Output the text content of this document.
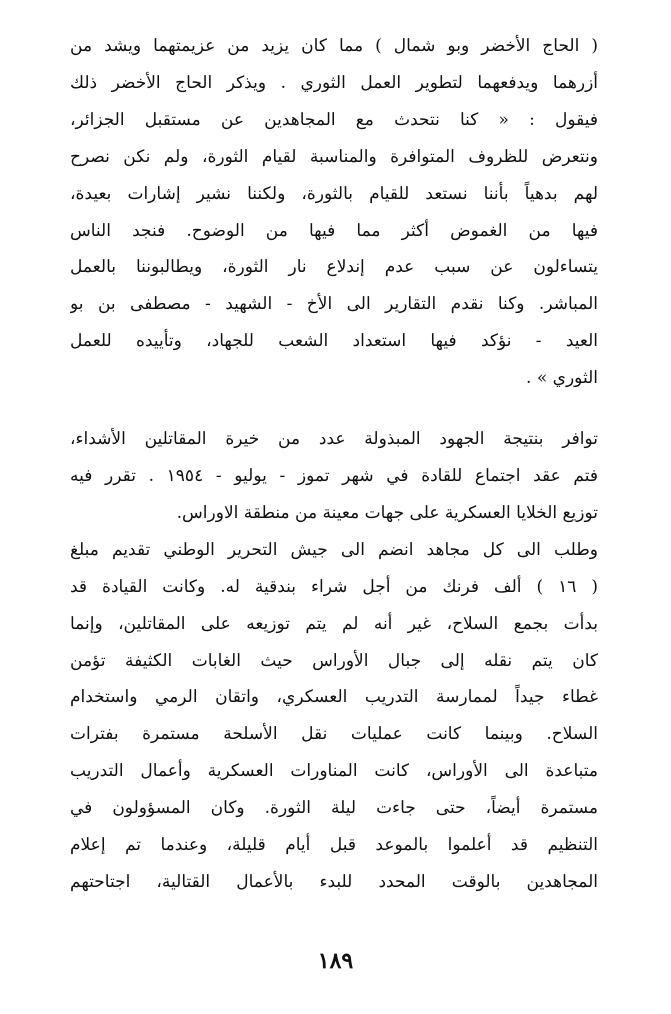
( الحاج الأخضر وبو شمال ) مما كان يزيد من عزيمتهما ويشد من
أزرهما ويدفعهما لتطوير العمل الثوري . ويذكر الحاج الأخضر ذلك
فيقول : « كنا نتحدث مع المجاهدين عن مستقبل الجزائر،
ونتعرض للظروف المتوافرة والمناسبة لقيام الثورة، ولم نكن نصرح
لهم بدهياً بأننا نستعد للقيام بالثورة، ولكننا نشير إشارات بعيدة،
فيها من الغموض أكثر مما فيها من الوضوح. فنجد الناس
يتساءلون عن سبب عدم إندلاع نار الثورة، ويطالبوننا بالعمل
المباشر. وكنا نقدم التقارير الى الأخ - الشهيد - مصطفى بن بو
العيد - نؤكد فيها استعداد الشعب للجهاد، وتأييده للعمل
الثوري » .

توافر بنتيجة الجهود المبذولة عدد من خيرة المقاتلين الأشداء،
فتم عقد اجتماع للقادة في شهر تموز - يوليو - ١٩٥٤ . تقرر فيه
توزيع الخلايا العسكرية على جهات معينة من منطقة الاوراس.
وطلب الى كل مجاهد انضم الى جيش التحرير الوطني تقديم مبلغ
( ١٦ ) ألف فرنك من أجل شراء بندقية له. وكانت القيادة قد
بدأت بجمع السلاح، غير أنه لم يتم توزيعه على المقاتلين، وإنما
كان يتم نقله إلى جبال الأوراس حيث الغابات الكثيفة تؤمن
غطاء جيداً لممارسة التدريب العسكري، واتقان الرمي واستخدام
السلاح. وبينما كانت عمليات نقل الأسلحة مستمرة بفترات
متباعدة الى الأوراس، كانت المناورات العسكرية وأعمال التدريب
مستمرة أيضاً، حتى جاءت ليلة الثورة. وكان المسؤولون في
التنظيم قد أعلموا بالموعد قبل أيام قليلة، وعندما تم إعلام
المجاهدين بالوقت المحدد للبدء بالأعمال القتالية، اجتاحتهم

١٨٩
